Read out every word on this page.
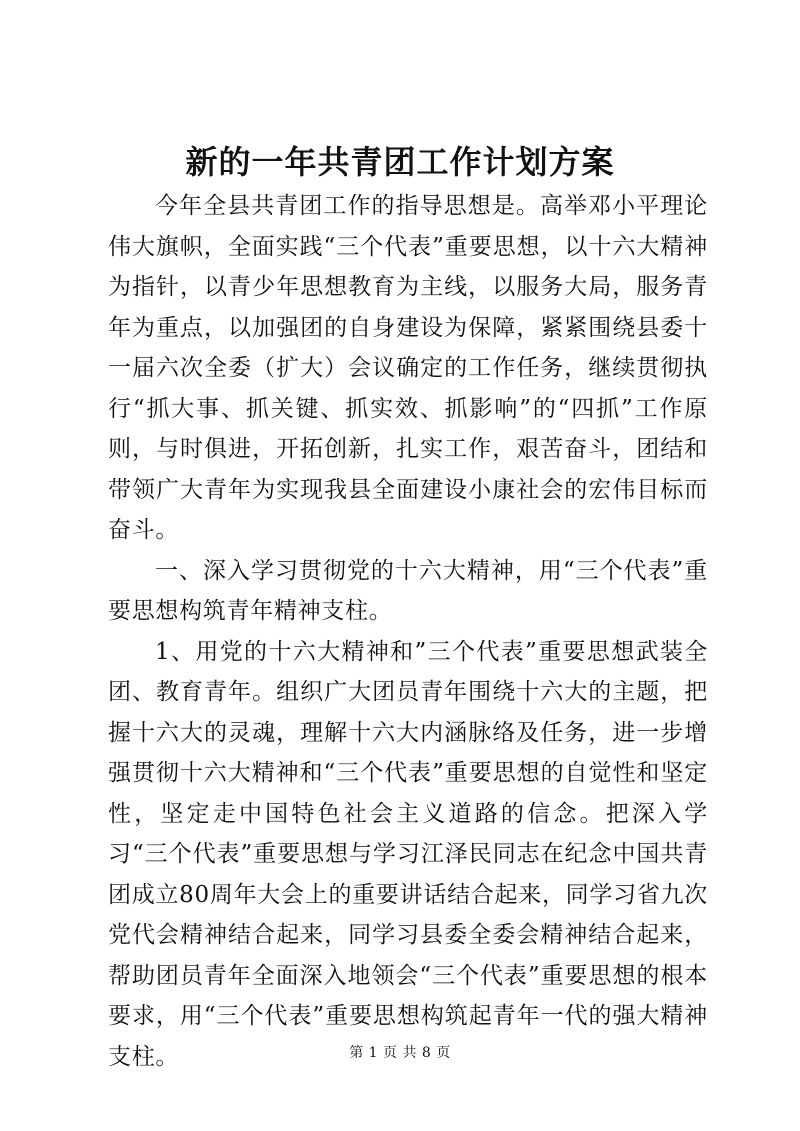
新的一年共青团工作计划方案

今年全县共青团工作的指导思想是。高举邓小平理论伟大旗帜，全面实践“三个代表”重要思想，以十六大精神为指针，以青少年思想教育为主线，以服务大局，服务青年为重点，以加强团的自身建设为保障，紧紧围绕县委十一届六次全委（扩大）会议确定的工作任务，继续贯彻执行“抓大事、抓关键、抓实效、抓影响”的“四抓”工作原则，与时俱进，开拓创新，扎实工作，艰苦奋斗，团结和带领广大青年为实现我县全面建设小康社会的宏伟目标而奋斗。

一、深入学习贯彻党的十六大精神，用“三个代表”重要思想构筑青年精神支柱。

1、用党的十六大精神和”三个代表”重要思想武装全团、教育青年。组织广大团员青年围绕十六大的主题，把握十六大的灵魂，理解十六大内涵脉络及任务，进一步增强贯彻十六大精神和“三个代表”重要思想的自觉性和坚定性，坚定走中国特色社会主义道路的信念。把深入学习“三个代表”重要思想与学习江泽民同志在纪念中国共青团成立80周年大会上的重要讲话结合起来，同学习省九次党代会精神结合起来，同学习县委全委会精神结合起来，帮助团员青年全面深入地领会“三个代表”重要思想的根本要求，用“三个代表”重要思想构筑起青年一代的强大精神支柱。	第 1 页 共 8 页
